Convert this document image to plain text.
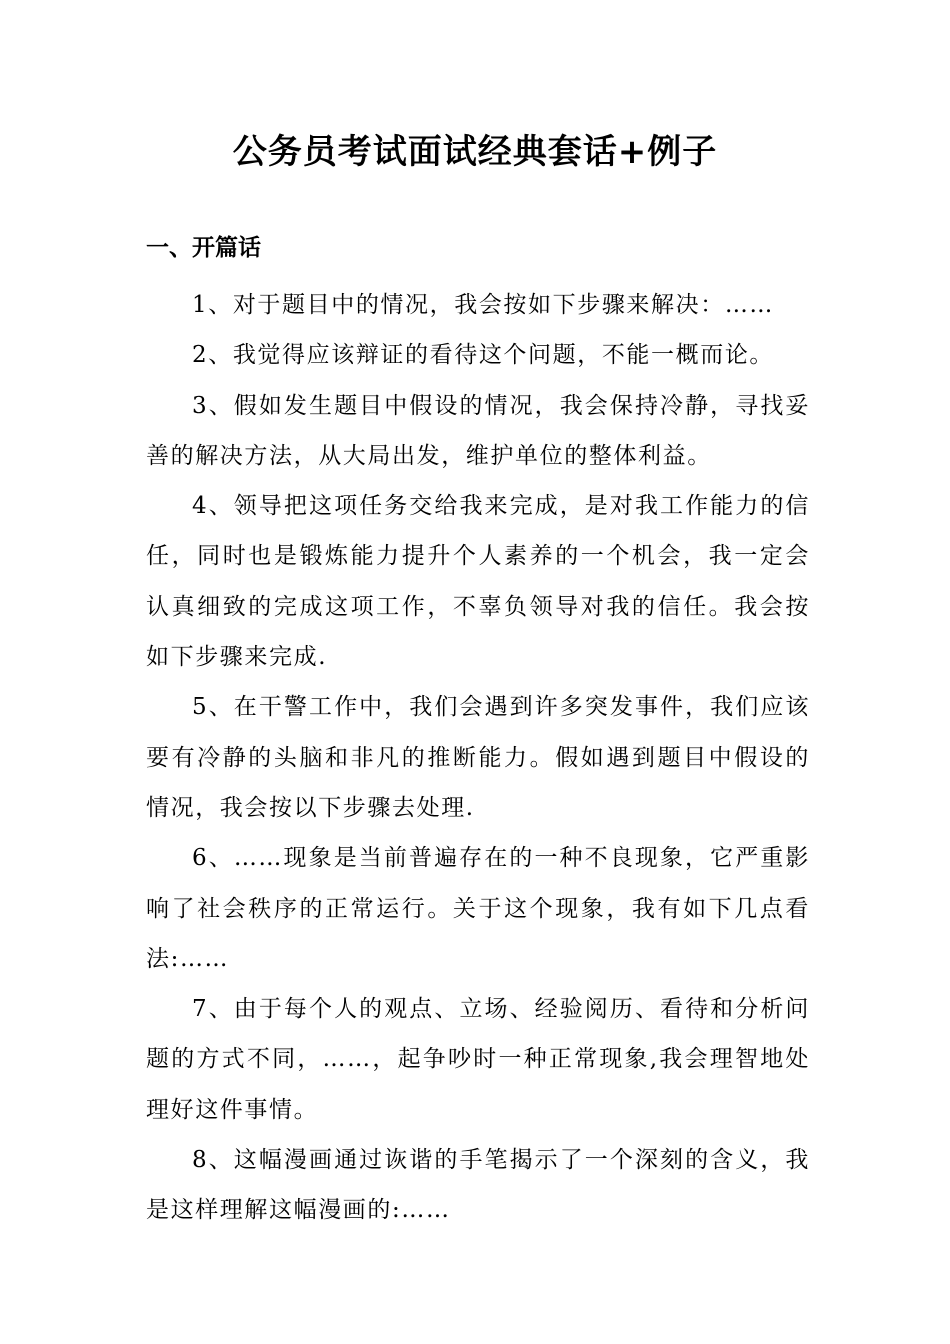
公务员考试面试经典套话+例子
一、开篇话

1、对于题目中的情况，我会按如下步骤来解决：……

2、我觉得应该辩证的看待这个问题，不能一概而论。

3、假如发生题目中假设的情况，我会保持冷静，寻找妥善的解决方法，从大局出发，维护单位的整体利益。

4、领导把这项任务交给我来完成，是对我工作能力的信任，同时也是锻炼能力提升个人素养的一个机会，我一定会认真细致的完成这项工作，不辜负领导对我的信任。我会按如下步骤来完成.

5、在干警工作中，我们会遇到许多突发事件，我们应该要有冷静的头脑和非凡的推断能力。假如遇到题目中假设的情况，我会按以下步骤去处理.

6、……现象是当前普遍存在的一种不良现象，它严重影响了社会秩序的正常运行。关于这个现象，我有如下几点看法:……

7、由于每个人的观点、立场、经验阅历、看待和分析问题的方式不同，……，起争吵时一种正常现象,我会理智地处理好这件事情。

8、这幅漫画通过诙谐的手笔揭示了一个深刻的含义，我是这样理解这幅漫画的:……
